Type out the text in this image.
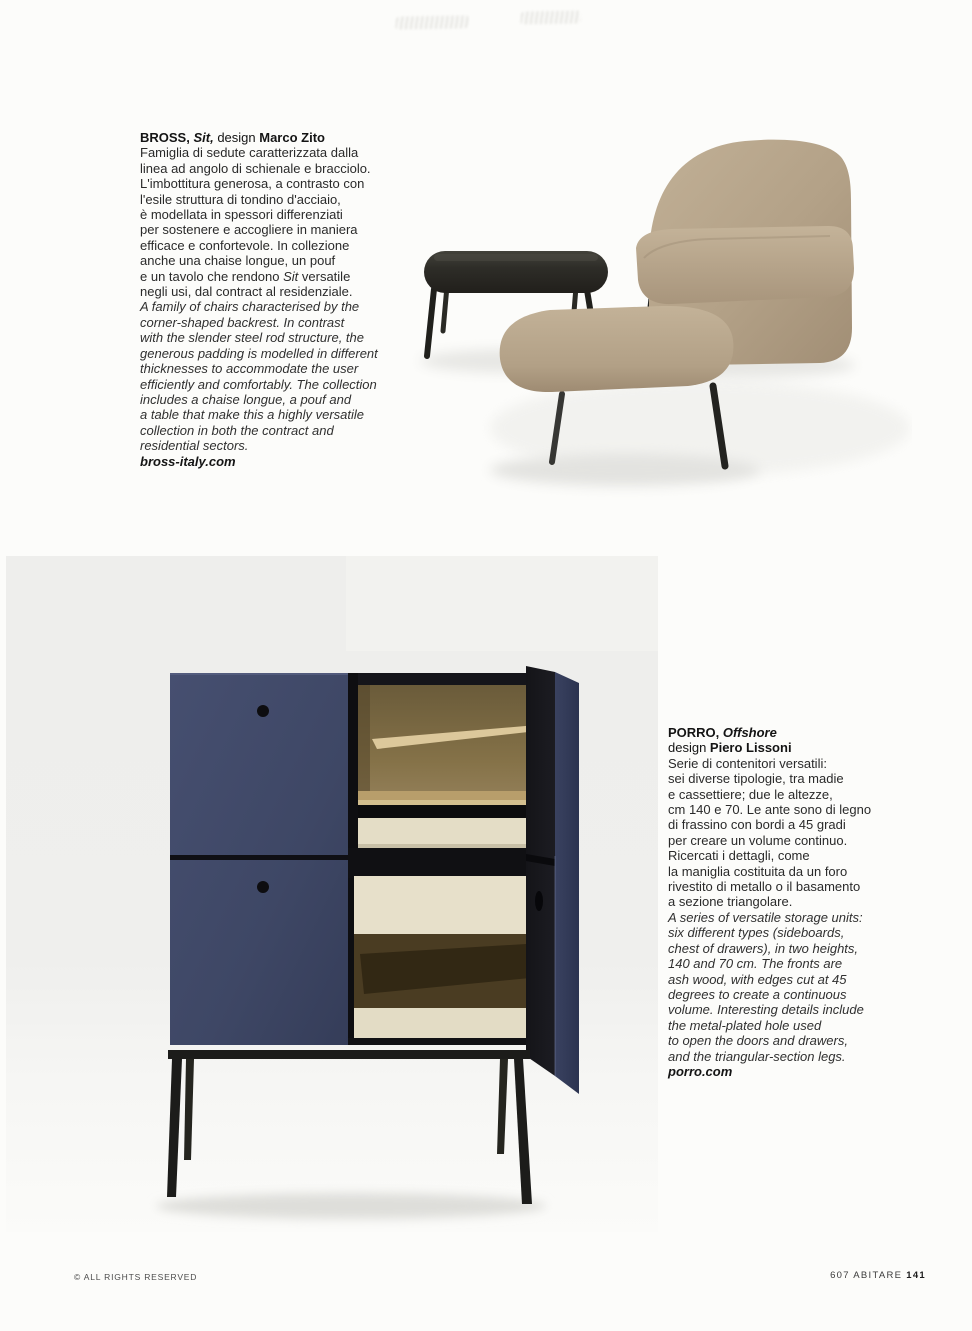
BROSS, Sit, design Marco Zito
Famiglia di sedute caratterizzata dalla
linea ad angolo di schienale e bracciolo.
L'imbottitura generosa, a contrasto con
l'esile struttura di tondino d'acciaio,
è modellata in spessori differenziati
per sostenere e accogliere in maniera
efficace e confortevole. In collezione
anche una chaise longue, un pouf
e un tavolo che rendono Sit versatile
negli usi, dal contract al residenziale.
A family of chairs characterised by the
corner-shaped backrest. In contrast
with the slender steel rod structure, the
generous padding is modelled in different
thicknesses to accommodate the user
efficiently and comfortably. The collection
includes a chaise longue, a pouf and
a table that make this a highly versatile
collection in both the contract and
residential sectors.
bross-italy.com
PORRO, Offshore
design Piero Lissoni
Serie di contenitori versatili:
sei diverse tipologie, tra madie
e cassettiere; due le altezze,
cm 140 e 70. Le ante sono di legno
di frassino con bordi a 45 gradi
per creare un volume continuo.
Ricercati i dettagli, come
la maniglia costituita da un foro
rivestito di metallo o il basamento
a sezione triangolare.
A series of versatile storage units:
six different types (sideboards,
chest of drawers), in two heights,
140 and 70 cm. The fronts are
ash wood, with edges cut at 45
degrees to create a continuous
volume. Interesting details include
the metal-plated hole used
to open the doors and drawers,
and the triangular-section legs.
porro.com
© ALL RIGHTS RESERVED	607 ABITARE 141
